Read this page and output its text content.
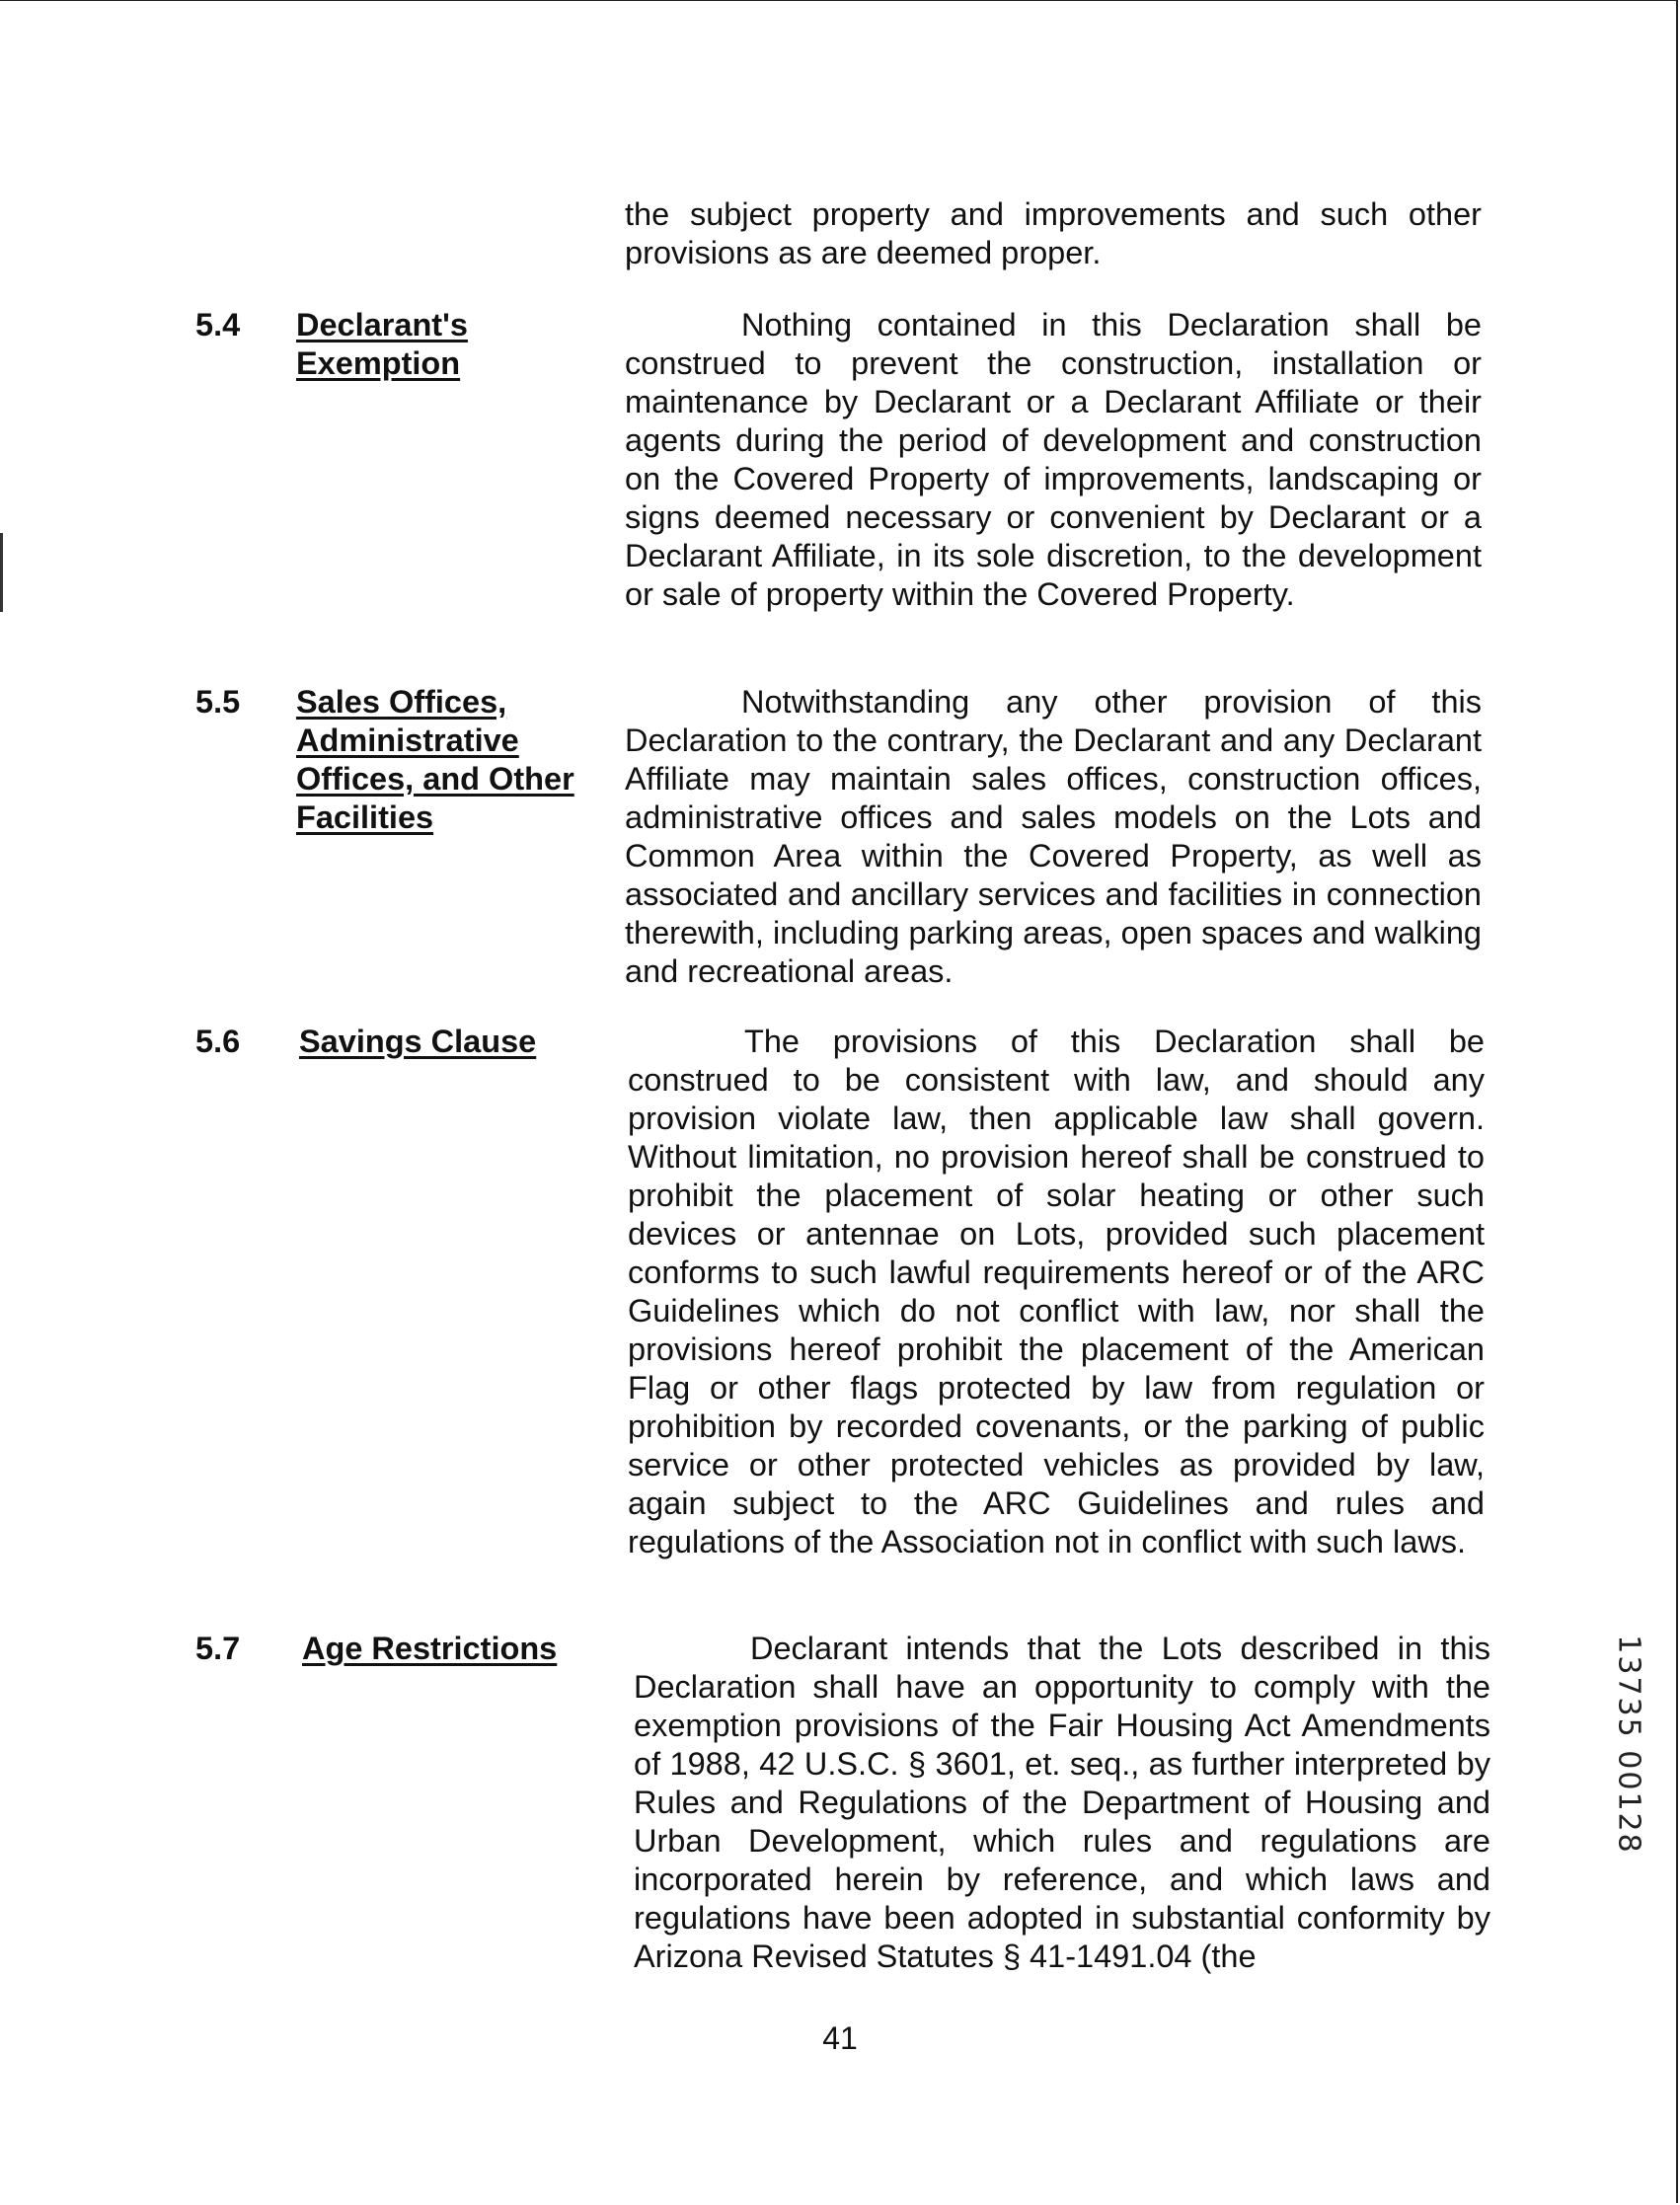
the subject property and improvements and such other provisions as are deemed proper.
5.4 Declarant's Exemption
Nothing contained in this Declaration shall be construed to prevent the construction, installation or maintenance by Declarant or a Declarant Affiliate or their agents during the period of development and construction on the Covered Property of improvements, landscaping or signs deemed necessary or convenient by Declarant or a Declarant Affiliate, in its sole discretion, to the development or sale of property within the Covered Property.
5.5 Sales Offices, Administrative Offices, and Other Facilities
Notwithstanding any other provision of this Declaration to the contrary, the Declarant and any Declarant Affiliate may maintain sales offices, construction offices, administrative offices and sales models on the Lots and Common Area within the Covered Property, as well as associated and ancillary services and facilities in connection therewith, including parking areas, open spaces and walking and recreational areas.
5.6 Savings Clause	The provisions of this Declaration shall be construed to be consistent with law, and should any provision violate law, then applicable law shall govern. Without limitation, no provision hereof shall be construed to prohibit the placement of solar heating or other such devices or antennae on Lots, provided such placement conforms to such lawful requirements hereof or of the ARC Guidelines which do not conflict with law, nor shall the provisions hereof prohibit the placement of the American Flag or other flags protected by law from regulation or prohibition by recorded covenants, or the parking of public service or other protected vehicles as provided by law, again subject to the ARC Guidelines and rules and regulations of the Association not in conflict with such laws.
5.7 Age Restrictions	Declarant intends that the Lots described in this Declaration shall have an opportunity to comply with the exemption provisions of the Fair Housing Act Amendments of 1988, 42 U.S.C. § 3601, et. seq., as further interpreted by Rules and Regulations of the Department of Housing and Urban Development, which rules and regulations are incorporated herein by reference, and which laws and regulations have been adopted in substantial conformity by Arizona Revised Statutes § 41-1491.04 (the
41
13735 00128
